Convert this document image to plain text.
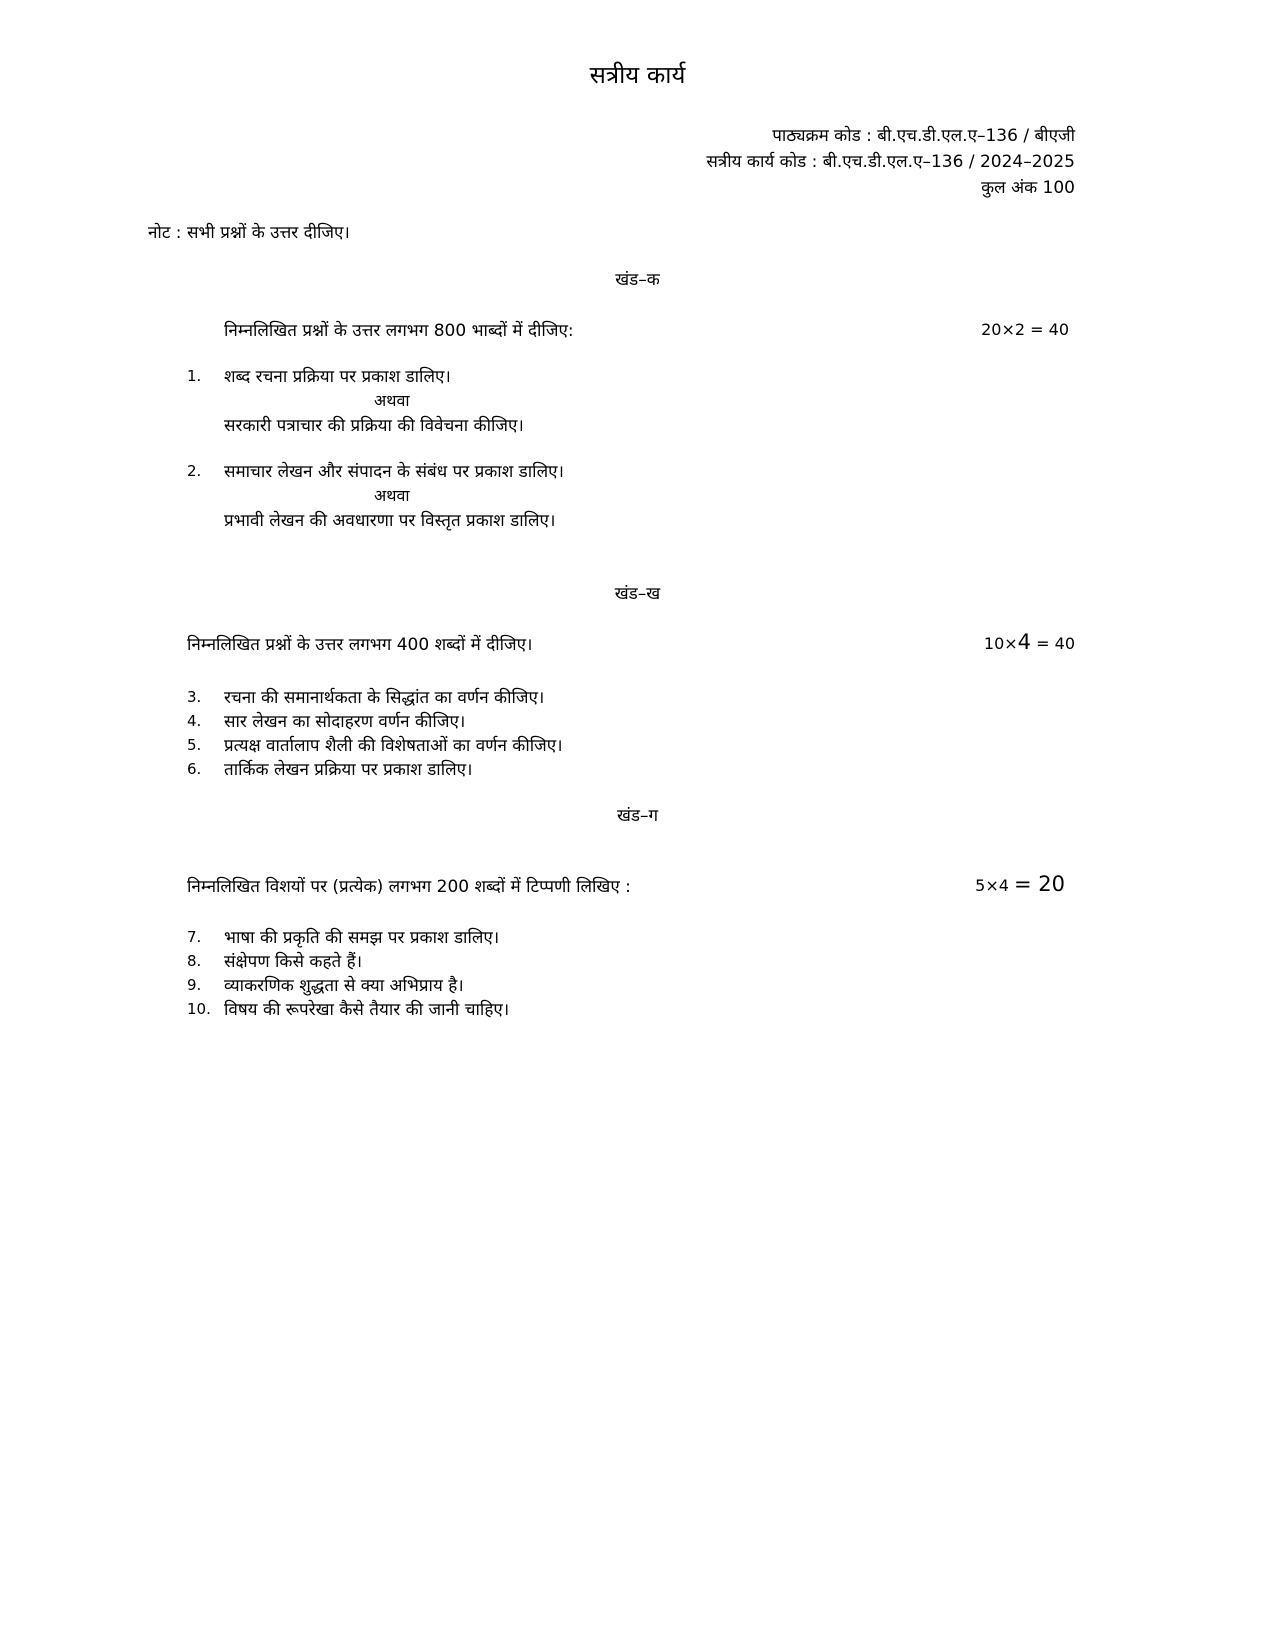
सत्रीय कार्य
पाठ्यक्रम कोड : बी.एच.डी.एल.ए–136 / बीएजी
सत्रीय कार्य कोड : बी.एच.डी.एल.ए–136 / 2024–2025
कुल अंक 100
नोट : सभी प्रश्नों के उत्तर दीजिए।
खंड–क
निम्नलिखित प्रश्नों के उत्तर लगभग 800 भाब्दों में दीजिए:	20×2 = 40
1. शब्द रचना प्रक्रिया पर प्रकाश डालिए।
अथवा
सरकारी पत्राचार की प्रक्रिया की विवेचना कीजिए।
2. समाचार लेखन और संपादन के संबंध पर प्रकाश डालिए।
अथवा
प्रभावी लेखन की अवधारणा पर विस्तृत प्रकाश डालिए।
खंड–ख
निम्नलिखित प्रश्नों के उत्तर लगभग 400 शब्दों में दीजिए।	10×4 = 40
3. रचना की समानार्थकता के सिद्धांत का वर्णन कीजिए।
4. सार लेखन का सोदाहरण वर्णन कीजिए।
5. प्रत्यक्ष वार्तालाप शैली की विशेषताओं का वर्णन कीजिए।
6. तार्किक लेखन प्रक्रिया पर प्रकाश डालिए।
खंड–ग
निम्नलिखित विशयों पर (प्रत्येक) लगभग 200 शब्दों में टिप्पणी लिखिए :	5×4 = 20
7. भाषा की प्रकृति की समझ पर प्रकाश डालिए।
8. संक्षेपण किसे कहते हैं।
9. व्याकरणिक शुद्धता से क्या अभिप्राय है।
10. विषय की रूपरेखा कैसे तैयार की जानी चाहिए।
